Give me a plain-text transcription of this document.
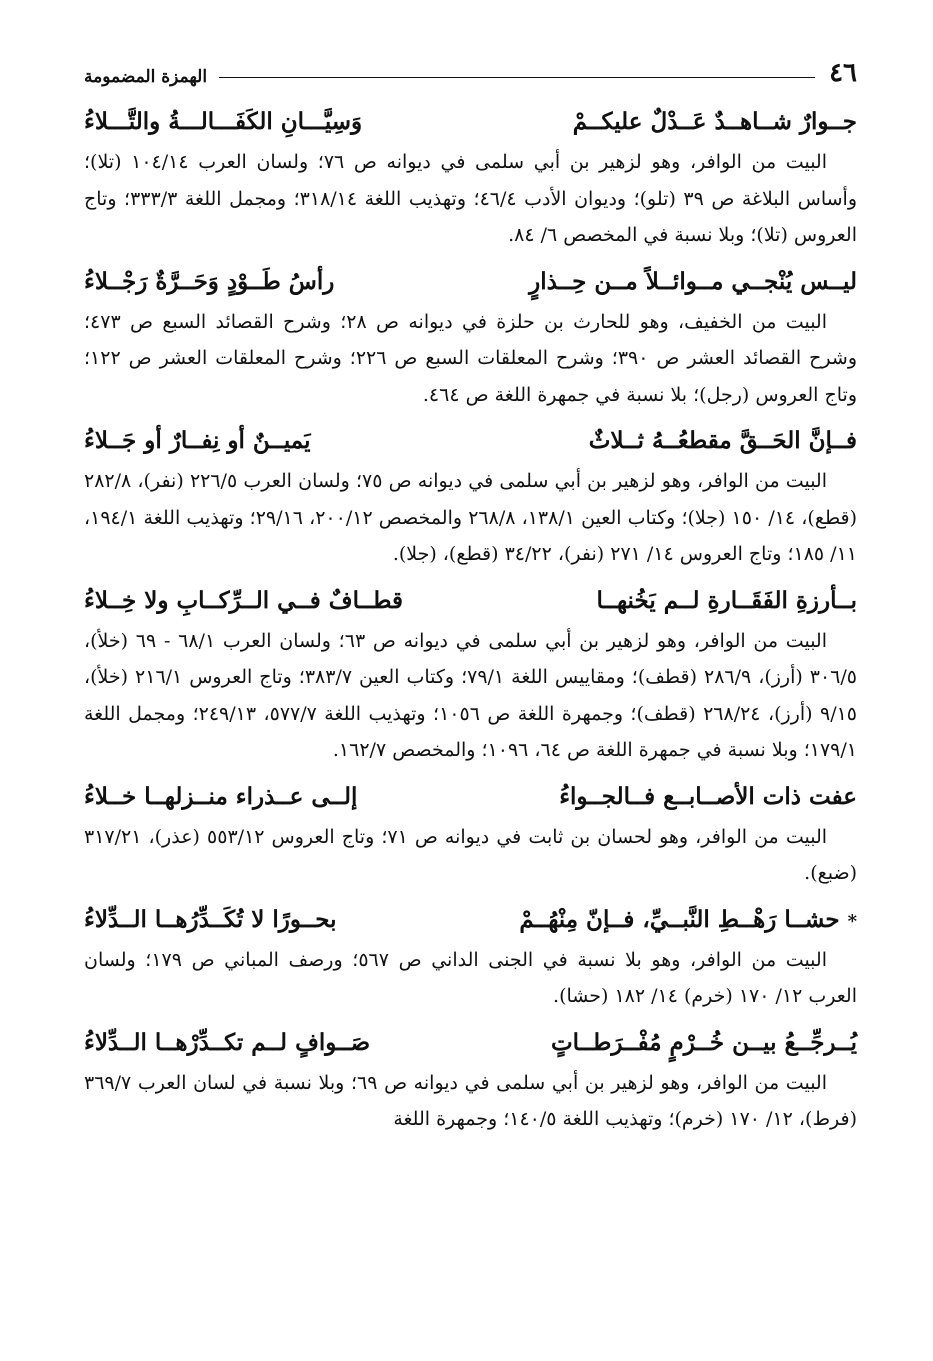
٤٦
الهمزة المضمومة
جــوارٌ شــاهــدٌ عَــدْلٌ عليكــمْ
وَسِيَّـــانِ الكَفَـــالـــةُ والتَّـــلاءُ

البيت من الوافر، وهو لزهير بن أبي سلمى في ديوانه ص ٧٦؛ ولسان العرب ١٠٤/١٤ (تلا)؛ وأساس البلاغة ص ٣٩ (تلو)؛ وديوان الأدب ٤٦/٤؛ وتهذيب اللغة ٣١٨/١٤؛ ومجمل اللغة ٣٣٣/٣؛ وتاج العروس (تلا)؛ وبلا نسبة في المخصص ٦/ ٨٤.

ليــس يُنْجــي مــوائــلاً مــن حِــذارٍ
رأسُ طَــوْدٍ وَحَــرَّةٌ رَجْــلاءُ

البيت من الخفيف، وهو للحارث بن حلزة في ديوانه ص ٢٨؛ وشرح القصائد السبع ص ٤٧٣؛ وشرح القصائد العشر ص ٣٩٠؛ وشرح المعلقات السبع ص ٢٢٦؛ وشرح المعلقات العشر ص ١٢٢؛ وتاج العروس (رجل)؛ بلا نسبة في جمهرة اللغة ص ٤٦٤.

فــإنَّ الحَــقَّ مقطعُــهُ ثــلاثٌ
يَميــنٌ أو نِفــارٌ أو جَــلاءُ

البيت من الوافر، وهو لزهير بن أبي سلمى في ديوانه ص ٧٥؛ ولسان العرب ٢٢٦/٥ (نفر)، ٢٨٢/٨ (قطع)، ١٤/ ١٥٠ (جلا)؛ وكتاب العين ١٣٨/١، ٢٦٨/٨ والمخصص ٢٠٠/١٢، ٢٩/١٦؛ وتهذيب اللغة ١٩٤/١، ١١/ ١٨٥؛ وتاج العروس ١٤/ ٢٧١ (نفر)، ٣٤/٢٢ (قطع)، (جلا).

بــأرزةِ الفَقَــارةِ لــم يَخُنهــا
قطــافٌ فــي الــرِّكــابِ ولا خِــلاءُ

البيت من الوافر، وهو لزهير بن أبي سلمى في ديوانه ص ٦٣؛ ولسان العرب ٦٨/١ - ٦٩ (خلأ)، ٣٠٦/٥ (أرز)، ٢٨٦/٩ (قطف)؛ ومقاييس اللغة ٧٩/١؛ وكتاب العين ٣٨٣/٧؛ وتاج العروس ٢١٦/١ (خلأ)، ٩/١٥ (أرز)، ٢٦٨/٢٤ (قطف)؛ وجمهرة اللغة ص ١٠٥٦؛ وتهذيب اللغة ٥٧٧/٧، ٢٤٩/١٣؛ ومجمل اللغة ١٧٩/١؛ وبلا نسبة في جمهرة اللغة ص ٦٤، ١٠٩٦؛ والمخصص ١٦٢/٧.

عفت ذات الأصــابــع فــالجــواءُ
إلــى عــذراء منــزلهــا خــلاءُ

البيت من الوافر، وهو لحسان بن ثابت في ديوانه ص ٧١؛ وتاج العروس ٥٥٣/١٢ (عذر)، ٣١٧/٢١ (ضبع).

*حشــا رَهْــطِ النَّبــيِّ، فــإنّ مِنْهُــمْ
بحــورًا لا تُكَــدِّرُهــا الــدِّلاءُ

البيت من الوافر، وهو بلا نسبة في الجنى الداني ص ٥٦٧؛ ورصف المباني ص ١٧٩؛ ولسان العرب ١٢/ ١٧٠ (خرم) ١٤/ ١٨٢ (حشا).

يُــرجِّــعُ بيــن خُــرْمٍ مُفْــرَطــاتٍ
صَــوافٍ لــم تكــدِّرْهــا الــدِّلاءُ

البيت من الوافر، وهو لزهير بن أبي سلمى في ديوانه ص ٦٩؛ وبلا نسبة في لسان العرب ٣٦٩/٧ (فرط)، ١٢/ ١٧٠ (خرم)؛ وتهذيب اللغة ١٤٠/٥؛ وجمهرة اللغة
